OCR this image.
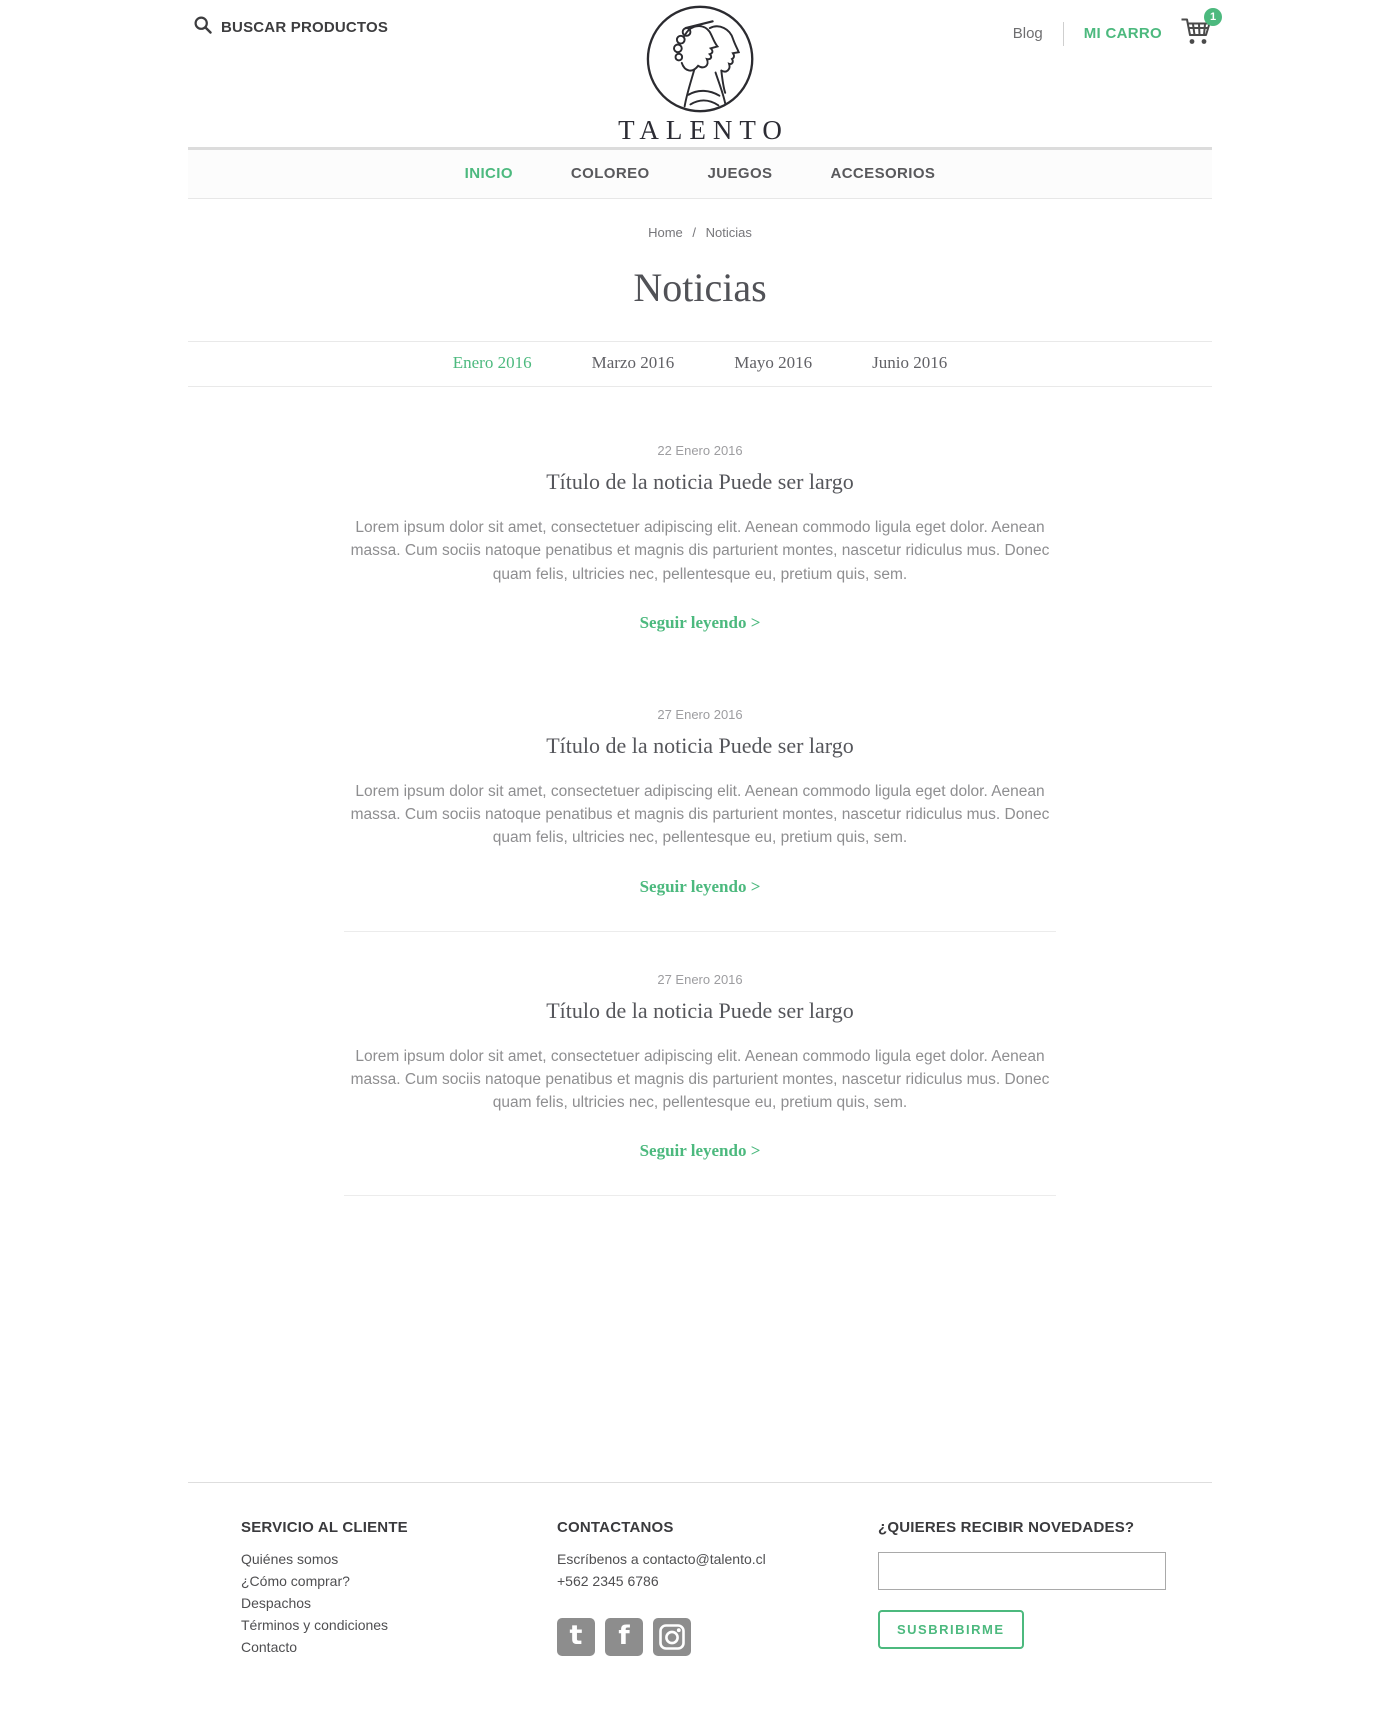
BUSCAR PRODUCTOS
TALENTO
Blog	MI CARRO
1
INICIO	COLOREO	JUEGOS	ACCESORIOS
Home / Noticias
Noticias
Enero 2016	Marzo 2016	Mayo 2016	Junio 2016
22 Enero 2016
Título de la noticia Puede ser largo

Lorem ipsum dolor sit amet, consectetuer adipiscing elit. Aenean commodo ligula eget dolor. Aenean massa. Cum sociis natoque penatibus et magnis dis parturient montes, nascetur ridiculus mus. Donec quam felis, ultricies nec, pellentesque eu, pretium quis, sem.

Seguir leyendo >
27 Enero 2016
Título de la noticia Puede ser largo

Lorem ipsum dolor sit amet, consectetuer adipiscing elit. Aenean commodo ligula eget dolor. Aenean massa. Cum sociis natoque penatibus et magnis dis parturient montes, nascetur ridiculus mus. Donec quam felis, ultricies nec, pellentesque eu, pretium quis, sem.

Seguir leyendo >
27 Enero 2016
Título de la noticia Puede ser largo

Lorem ipsum dolor sit amet, consectetuer adipiscing elit. Aenean commodo ligula eget dolor. Aenean massa. Cum sociis natoque penatibus et magnis dis parturient montes, nascetur ridiculus mus. Donec quam felis, ultricies nec, pellentesque eu, pretium quis, sem.

Seguir leyendo >
SERVICIO AL CLIENTE
Quiénes somos
¿Cómo comprar?
Despachos
Términos y condiciones
Contacto
CONTACTANOS
Escríbenos a contacto@talento.cl
+562 2345 6786
t f
¿QUIERES RECIBIR NOVEDADES?
SUSBRIBIRME
